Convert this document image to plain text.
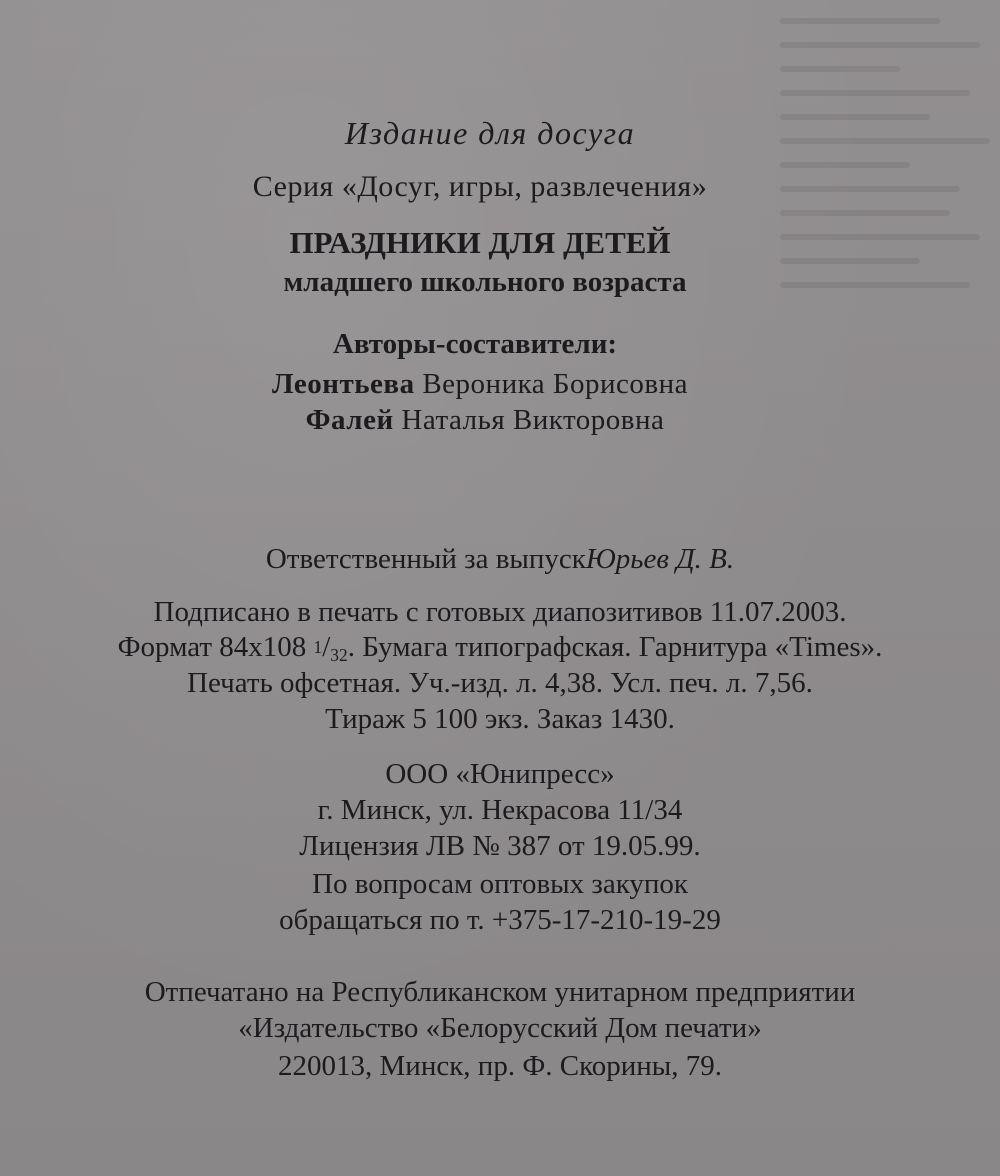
Издание для досуга
Серия «Досуг, игры, развлечения»
ПРАЗДНИКИ ДЛЯ ДЕТЕЙ
младшего школьного возраста
Авторы-составители:
Леонтьева Вероника Борисовна
Фалей Наталья Викторовна
Ответственный за выпускЮрьев Д. В.
Подписано в печать с готовых диапозитивов 11.07.2003.
Формат 84x108 $^1/_{32}$. Бумага типографская. Гарнитура «Times».
Печать офсетная. Уч.-изд. л. 4,38. Усл. печ. л. 7,56.
Тираж 5 100 экз. Заказ 1430.
ООО «Юнипресс»
г. Минск, ул. Некрасова 11/34
Лицензия ЛВ № 387 от 19.05.99.
По вопросам оптовых закупок
обращаться по т. +375-17-210-19-29
Отпечатано на Республиканском унитарном предприятии
«Издательство «Белорусский Дом печати»
220013, Минск, пр. Ф. Скорины, 79.
